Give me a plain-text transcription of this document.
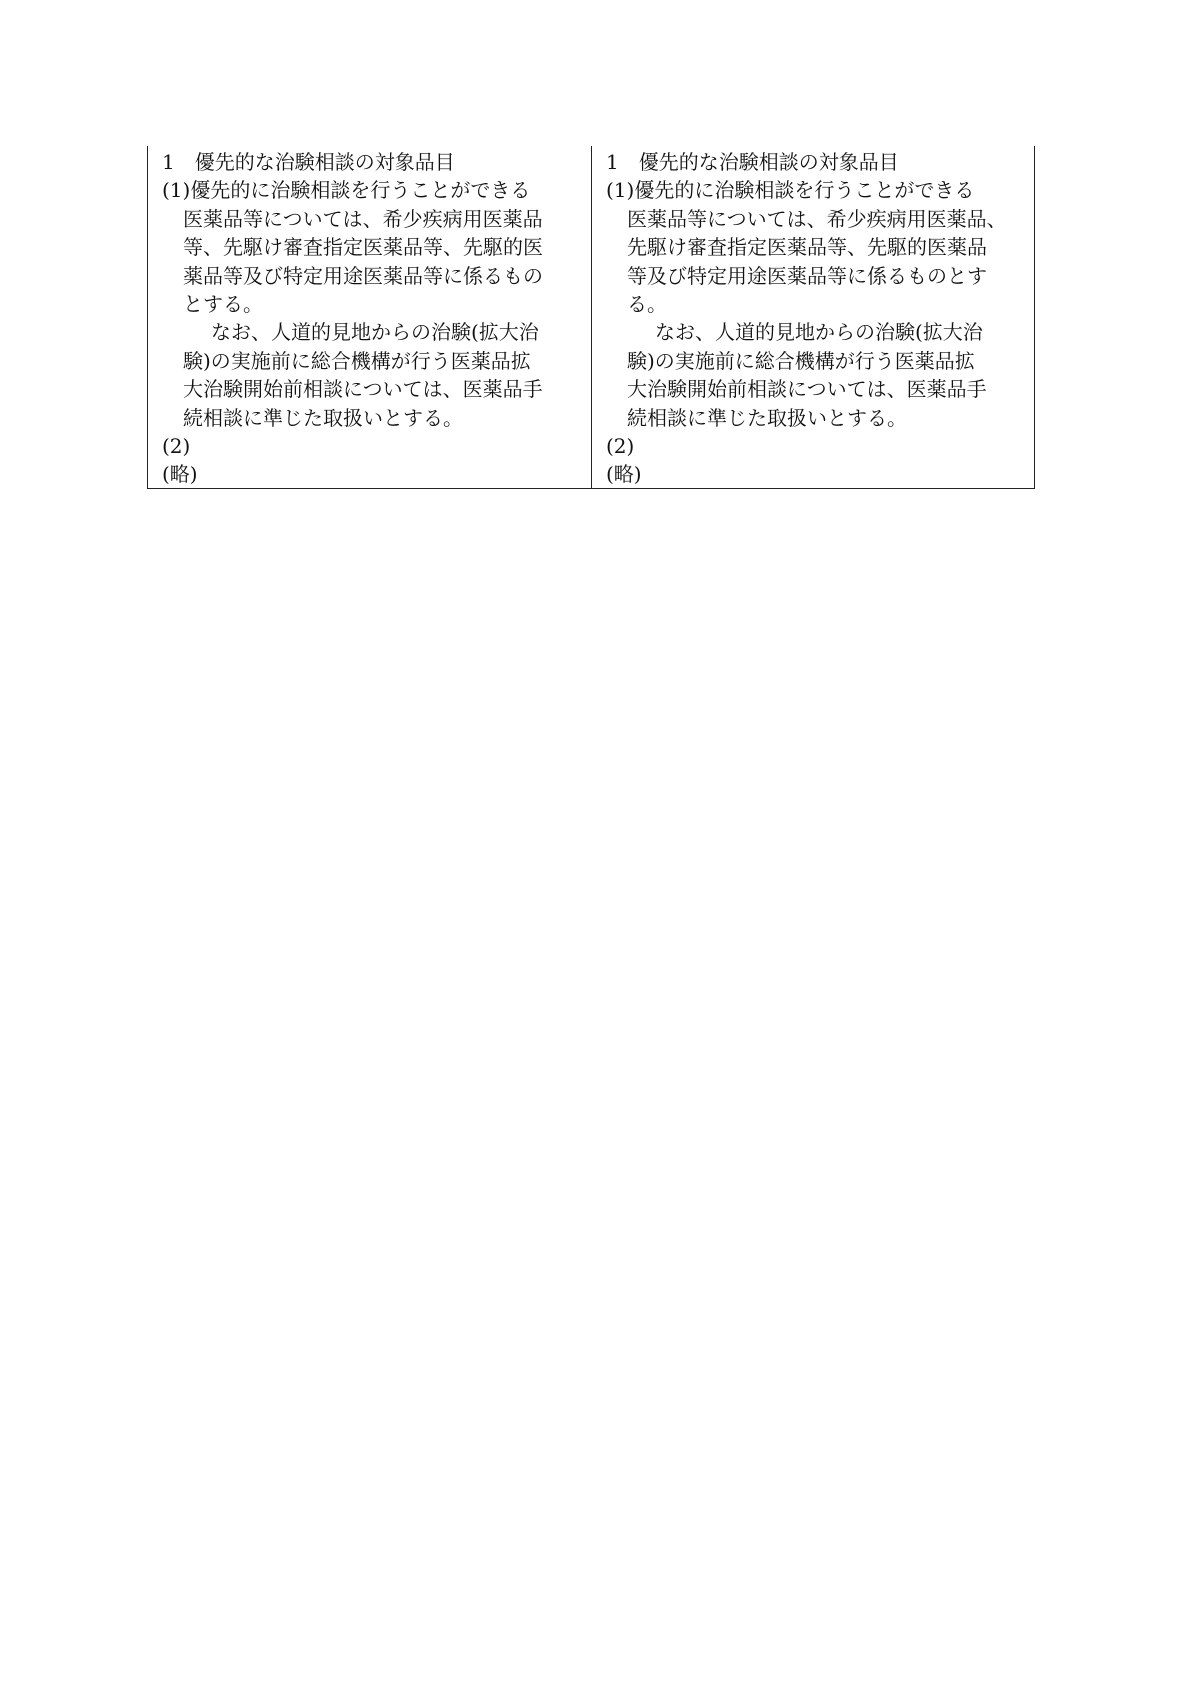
1　優先的な治験相談の対象品目
(1)優先的に治験相談を行うことができる
医薬品等については、希少疾病用医薬品
等、先駆け審査指定医薬品等、先駆的医
薬品等及び特定用途医薬品等に係るもの
とする。
なお、人道的見地からの治験(拡大治
験)の実施前に総合機構が行う医薬品拡
大治験開始前相談については、医薬品手
続相談に準じた取扱いとする。
(2)
(略)
1　優先的な治験相談の対象品目
(1)優先的に治験相談を行うことができる
医薬品等については、希少疾病用医薬品、
先駆け審査指定医薬品等、先駆的医薬品
等及び特定用途医薬品等に係るものとす
る。
なお、人道的見地からの治験(拡大治
験)の実施前に総合機構が行う医薬品拡
大治験開始前相談については、医薬品手
続相談に準じた取扱いとする。
(2)
(略)
